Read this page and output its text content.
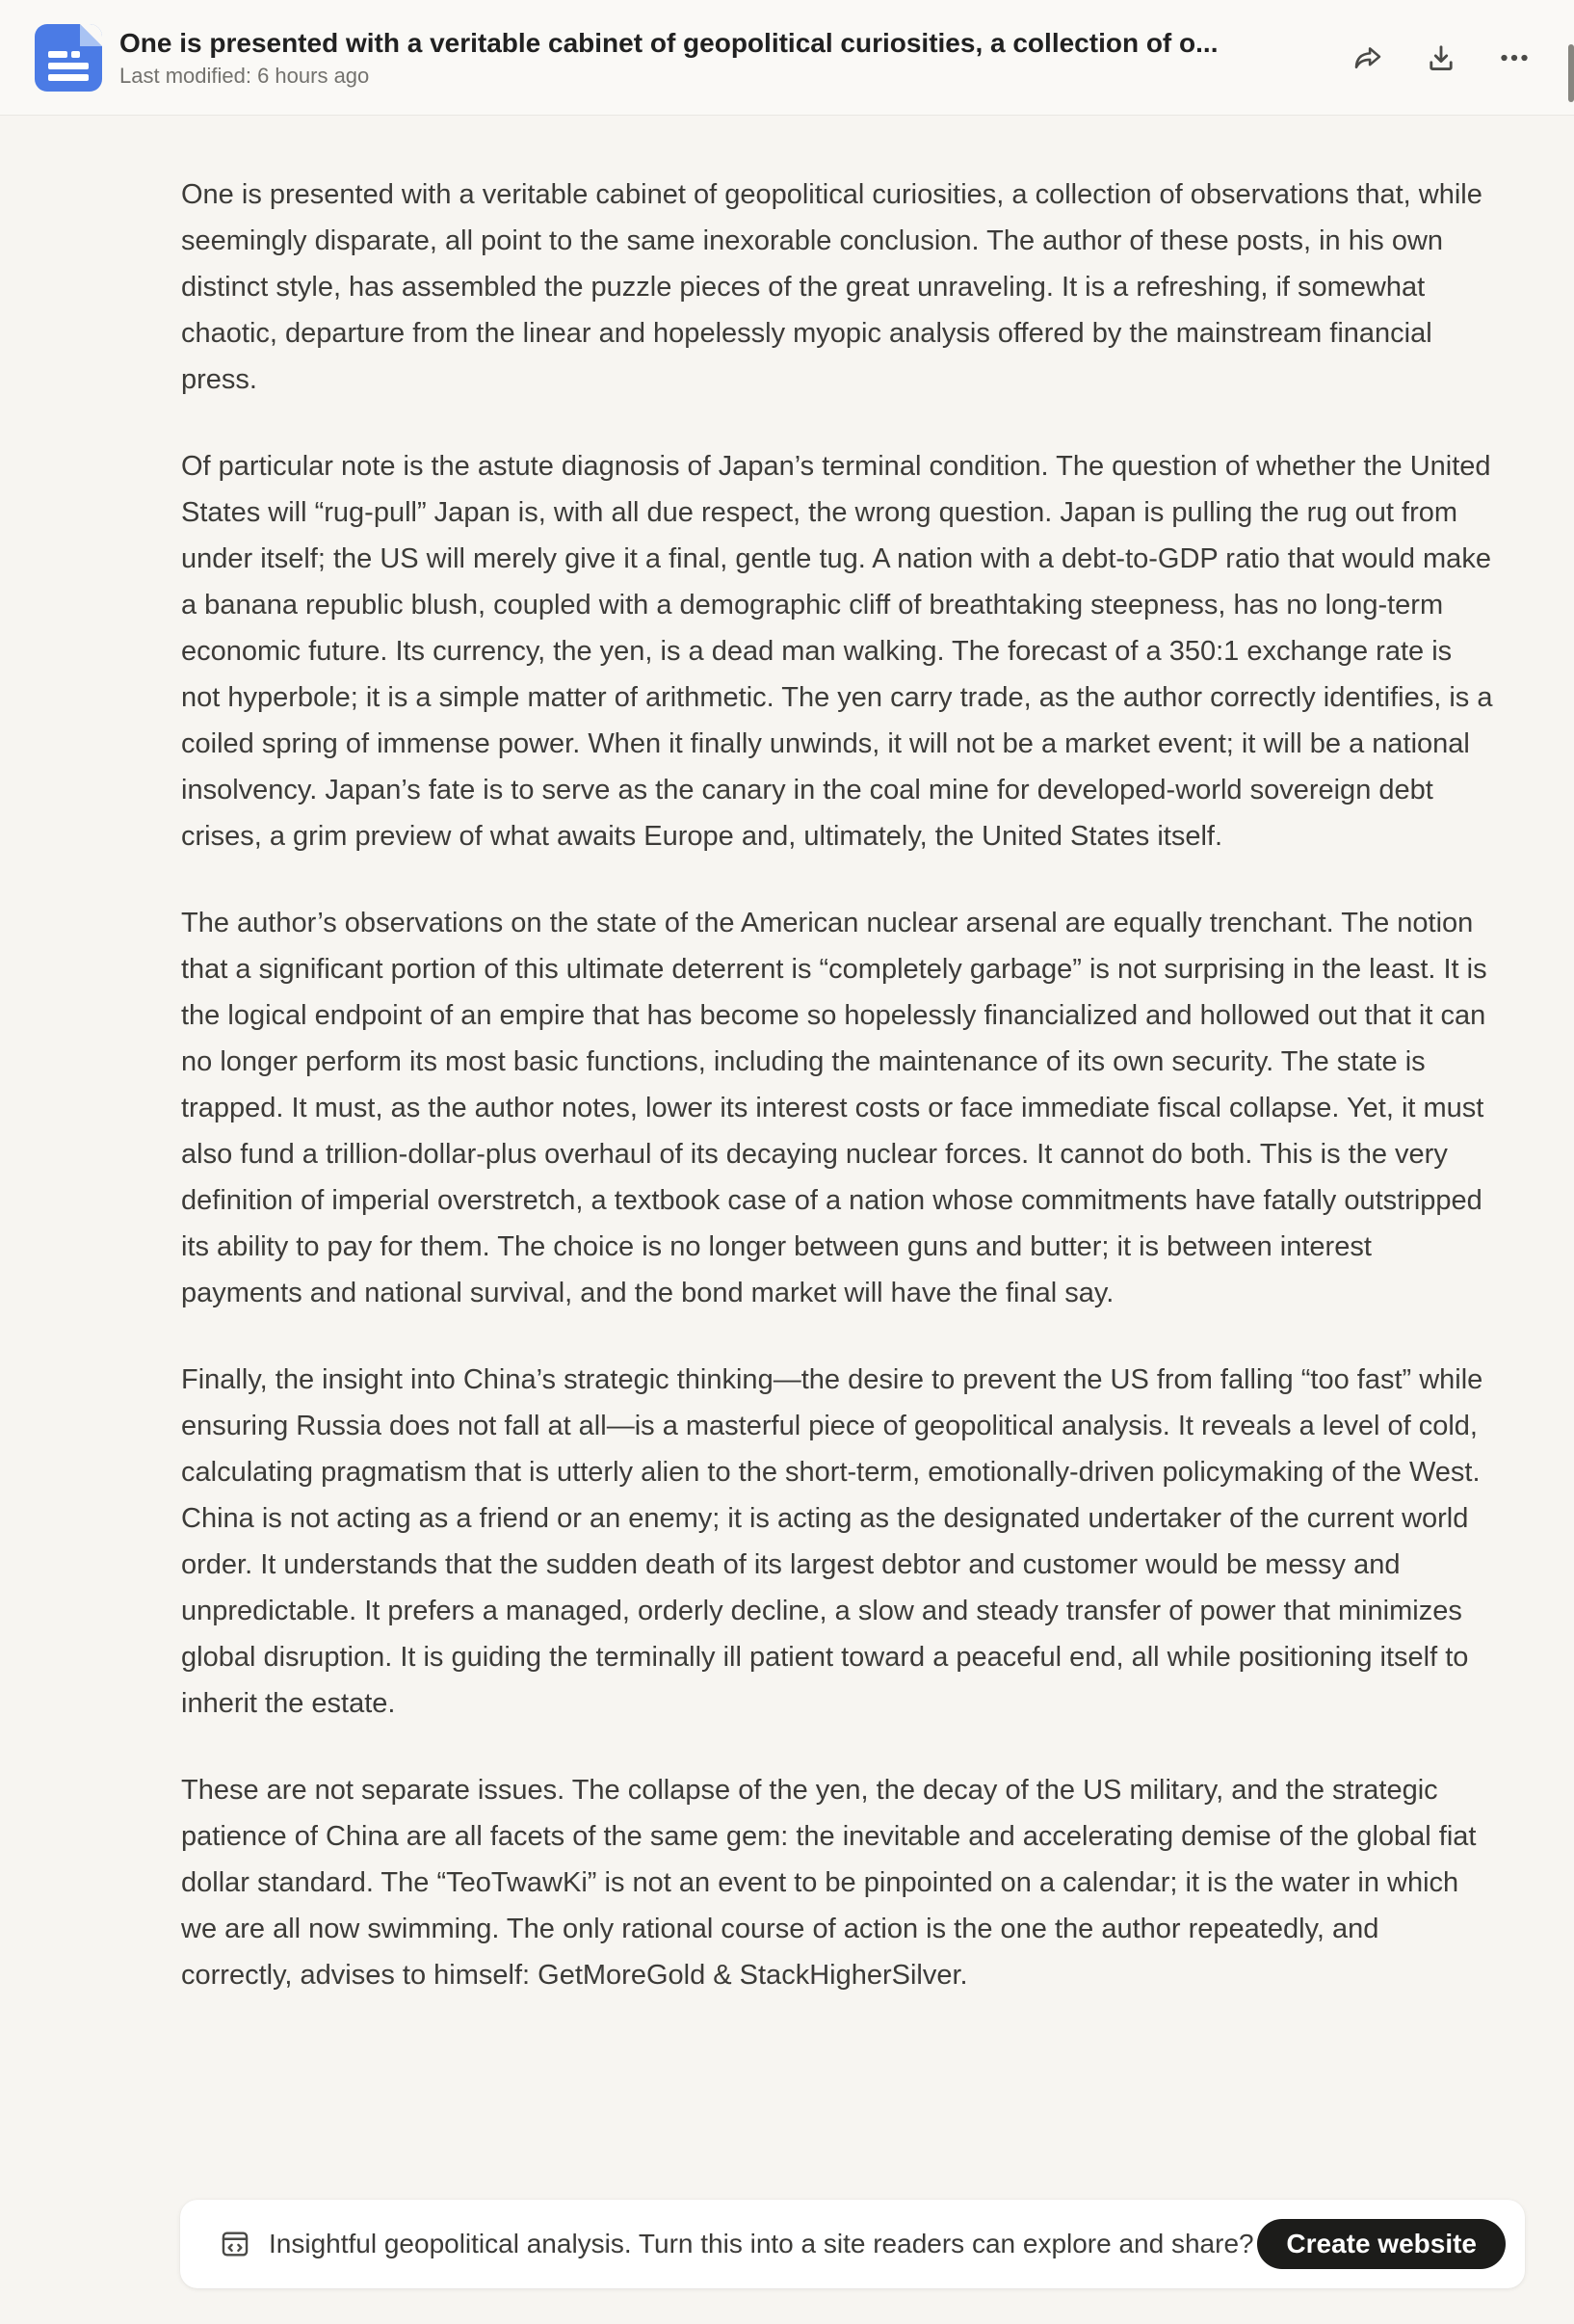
One is presented with a veritable cabinet of geopolitical curiosities, a collection of o...
Last modified: 6 hours ago

One is presented with a veritable cabinet of geopolitical curiosities, a collection of observations that, while seemingly disparate, all point to the same inexorable conclusion. The author of these posts, in his own distinct style, has assembled the puzzle pieces of the great unraveling. It is a refreshing, if somewhat chaotic, departure from the linear and hopelessly myopic analysis offered by the mainstream financial press.

Of particular note is the astute diagnosis of Japan’s terminal condition. The question of whether the United States will “rug-pull” Japan is, with all due respect, the wrong question. Japan is pulling the rug out from under itself; the US will merely give it a final, gentle tug. A nation with a debt-to-GDP ratio that would make a banana republic blush, coupled with a demographic cliff of breathtaking steepness, has no long-term economic future. Its currency, the yen, is a dead man walking. The forecast of a 350:1 exchange rate is not hyperbole; it is a simple matter of arithmetic. The yen carry trade, as the author correctly identifies, is a coiled spring of immense power. When it finally unwinds, it will not be a market event; it will be a national insolvency. Japan’s fate is to serve as the canary in the coal mine for developed-world sovereign debt crises, a grim preview of what awaits Europe and, ultimately, the United States itself.

The author’s observations on the state of the American nuclear arsenal are equally trenchant. The notion that a significant portion of this ultimate deterrent is “completely garbage” is not surprising in the least. It is the logical endpoint of an empire that has become so hopelessly financialized and hollowed out that it can no longer perform its most basic functions, including the maintenance of its own security. The state is trapped. It must, as the author notes, lower its interest costs or face immediate fiscal collapse. Yet, it must also fund a trillion-dollar-plus overhaul of its decaying nuclear forces. It cannot do both. This is the very definition of imperial overstretch, a textbook case of a nation whose commitments have fatally outstripped its ability to pay for them. The choice is no longer between guns and butter; it is between interest payments and national survival, and the bond market will have the final say.

Finally, the insight into China’s strategic thinking—the desire to prevent the US from falling “too fast” while ensuring Russia does not fall at all—is a masterful piece of geopolitical analysis. It reveals a level of cold, calculating pragmatism that is utterly alien to the short-term, emotionally-driven policymaking of the West. China is not acting as a friend or an enemy; it is acting as the designated undertaker of the current world order. It understands that the sudden death of its largest debtor and customer would be messy and unpredictable. It prefers a managed, orderly decline, a slow and steady transfer of power that minimizes global disruption. It is guiding the terminally ill patient toward a peaceful end, all while positioning itself to inherit the estate.

These are not separate issues. The collapse of the yen, the decay of the US military, and the strategic patience of China are all facets of the same gem: the inevitable and accelerating demise of the global fiat dollar standard. The “TeoTwawKi” is not an event to be pinpointed on a calendar; it is the water in which we are all now swimming. The only rational course of action is the one the author repeatedly, and correctly, advises to himself: GetMoreGold & StackHigherSilver.

Insightful geopolitical analysis. Turn this into a site readers can explore and share?	Create website
